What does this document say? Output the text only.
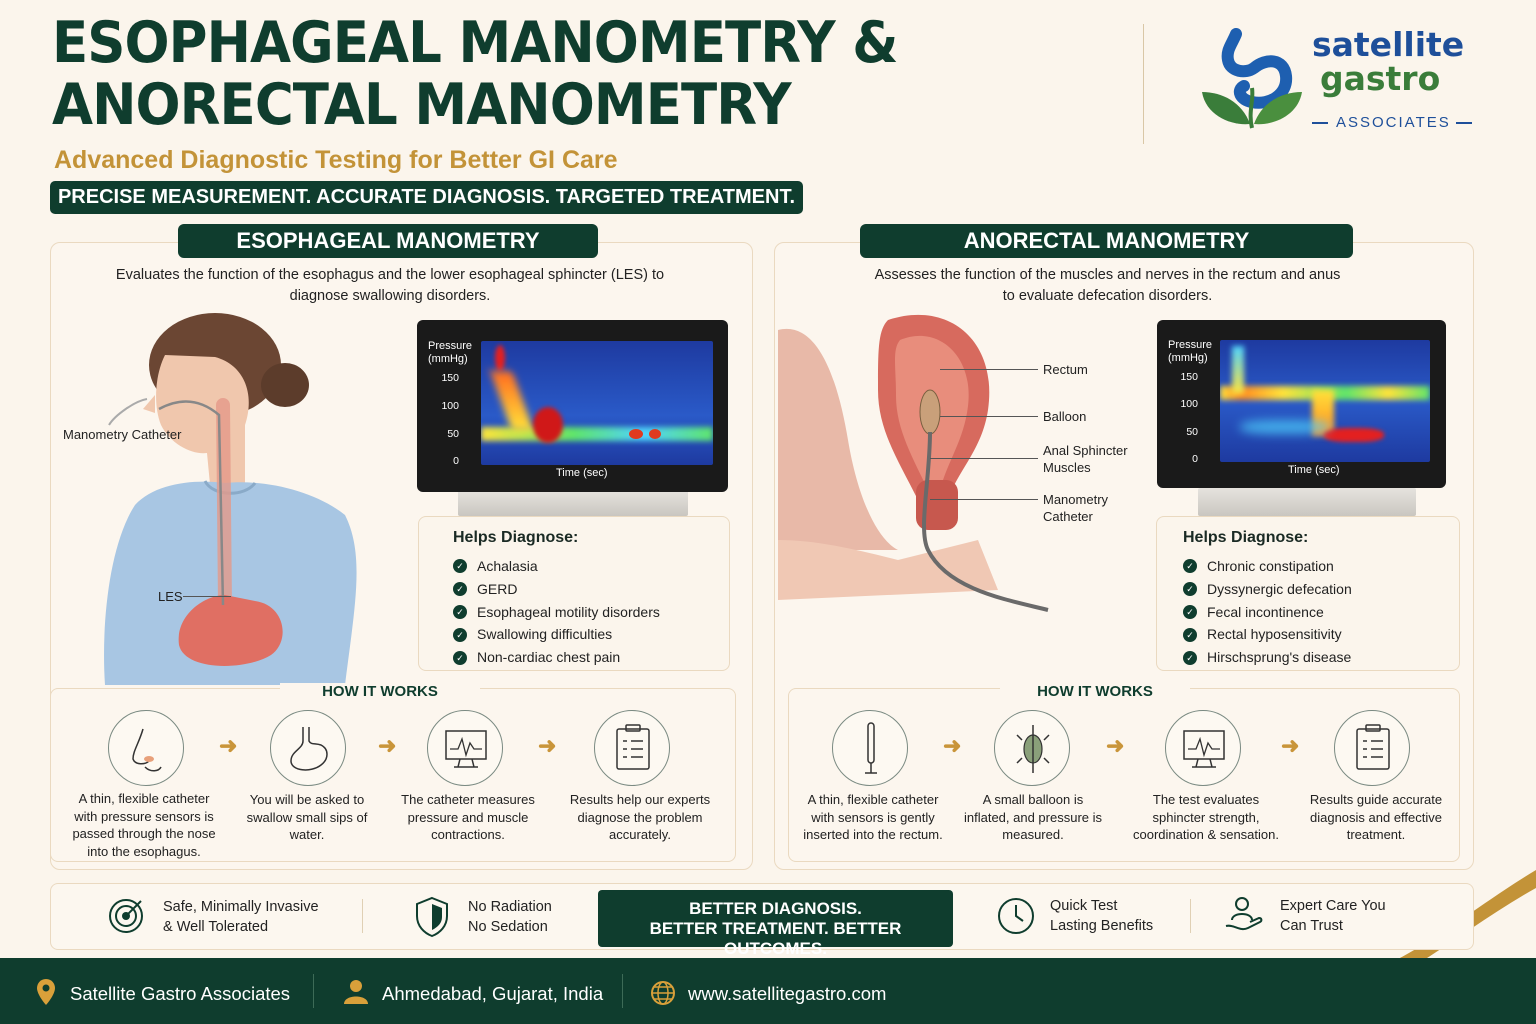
ESOPHAGEAL MANOMETRY &
ANORECTAL MANOMETRY
Advanced Diagnostic Testing for Better GI Care
PRECISE MEASUREMENT. ACCURATE DIAGNOSIS. TARGETED TREATMENT.
satellite
gastro
ASSOCIATES
ESOPHAGEAL MANOMETRY
Evaluates the function of the esophagus and the lower esophageal sphincter (LES) to diagnose swallowing disorders.
Manometry Catheter
LES
Pressure (mmHg)
150
100
50
0
Time (sec)
Helps Diagnose:
✓ Achalasia
✓ GERD
✓ Esophageal motility disorders
✓ Swallowing difficulties
✓ Non-cardiac chest pain
HOW IT WORKS
➜	➜	➜
A thin, flexible catheter with pressure sensors is passed through the nose into the esophagus.
You will be asked to swallow small sips of water.
The catheter measures pressure and muscle contractions.
Results help our experts diagnose the problem accurately.
ANORECTAL MANOMETRY
Assesses the function of the muscles and nerves in the rectum and anus to evaluate defecation disorders.
Rectum
Balloon
Anal Sphincter Muscles
Manometry Catheter
Pressure (mmHg)
150
100
50
0
Time (sec)
Helps Diagnose:
✓ Chronic constipation
✓ Dyssynergic defecation
✓ Fecal incontinence
✓ Rectal hyposensitivity
✓ Hirschsprung's disease
HOW IT WORKS
➜	➜	➜
A thin, flexible catheter with sensors is gently inserted into the rectum.
A small balloon is inflated, and pressure is measured.
The test evaluates sphincter strength, coordination & sensation.
Results guide accurate diagnosis and effective treatment.
Safe, Minimally Invasive
& Well Tolerated
No Radiation
No Sedation
BETTER DIAGNOSIS.
BETTER TREATMENT. BETTER OUTCOMES.
Quick Test
Lasting Benefits
Expert Care You
Can Trust
Satellite Gastro Associates	Ahmedabad, Gujarat, India	www.satellitegastro.com
